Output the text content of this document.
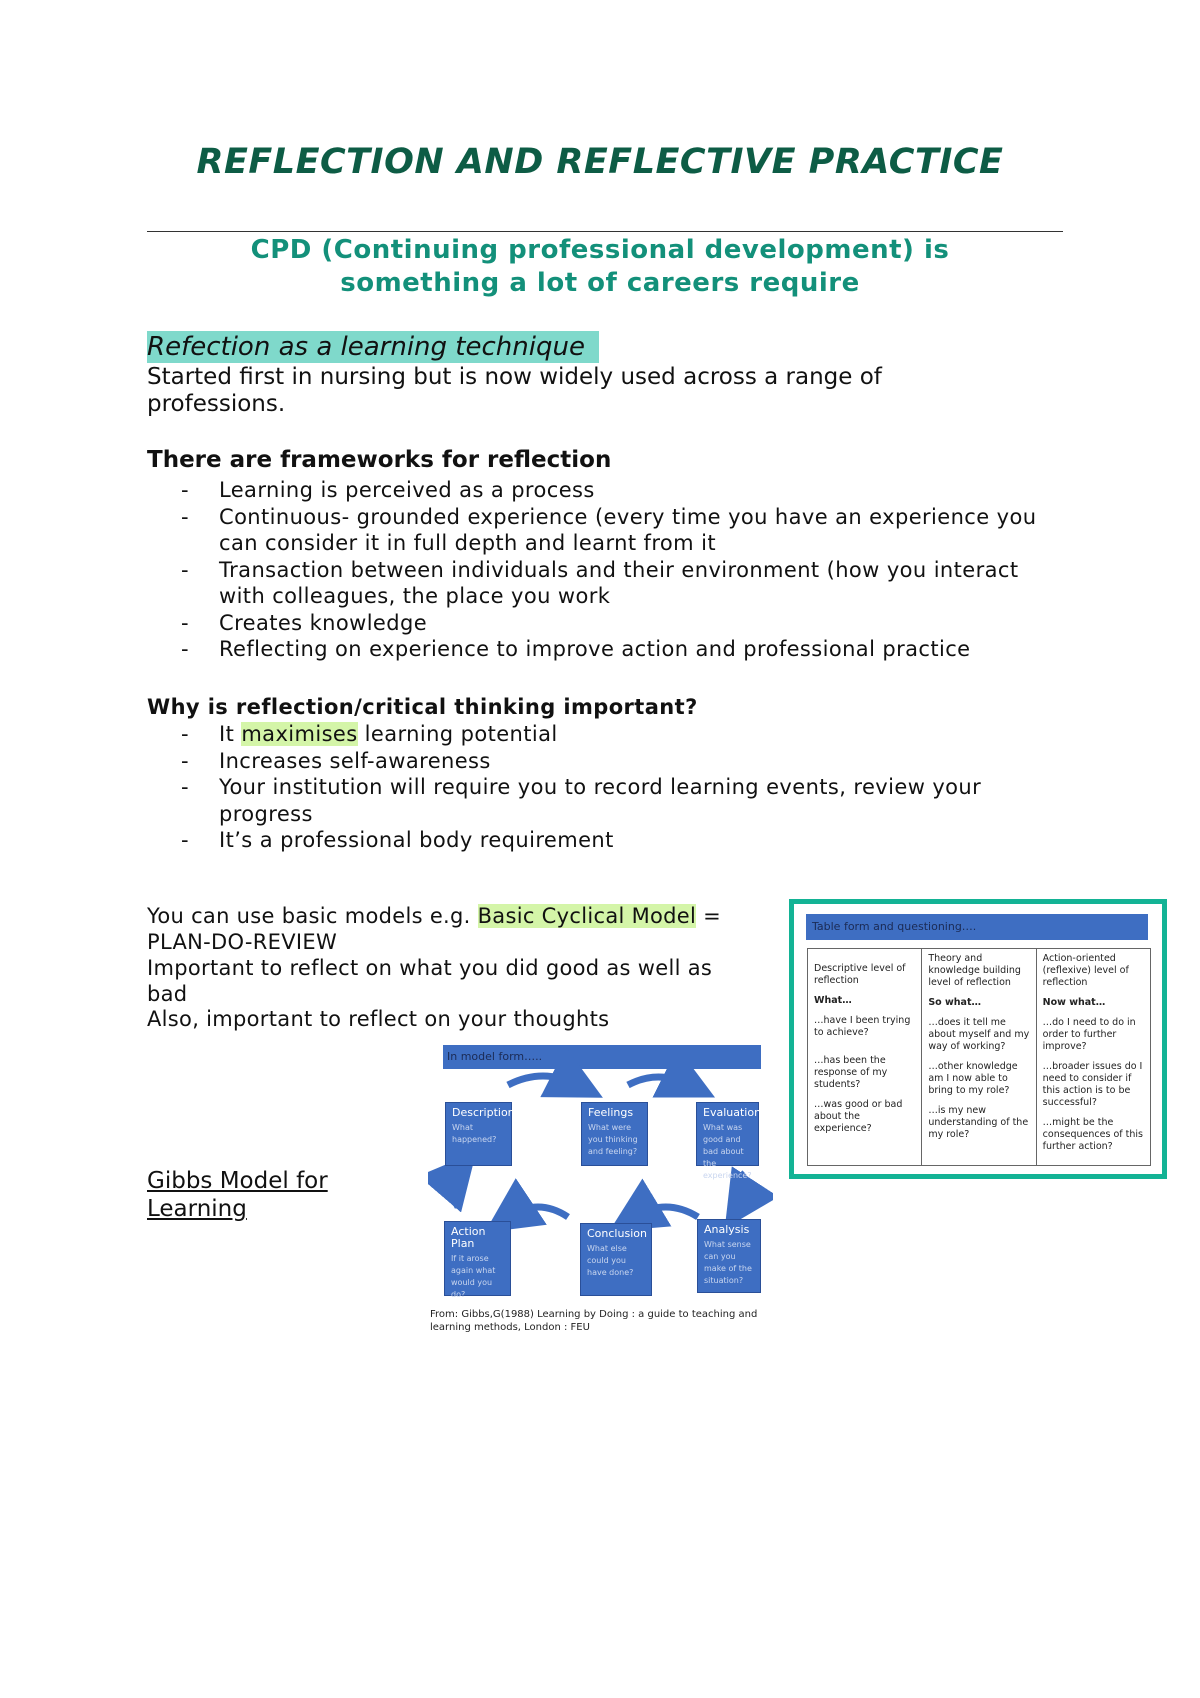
REFLECTION AND REFLECTIVE PRACTICE
CPD (Continuing professional development) is
something a lot of careers require
Refection as a learning technique
Started first in nursing but is now widely used across a range of
professions.
There are frameworks for reflection
- Learning is perceived as a process
- Continuous- grounded experience (every time you have an experience you
can consider it in full depth and learnt from it
- Transaction between individuals and their environment (how you interact
with colleagues, the place you work
- Creates knowledge
- Reflecting on experience to improve action and professional practice
Why is reflection/critical thinking important?
- It maximises learning potential
- Increases self-awareness
- Your institution will require you to record learning events, review your
progress
- It’s a professional body requirement
You can use basic models e.g. Basic Cyclical Model =
PLAN-DO-REVIEW
Important to reflect on what you did good as well as
bad
Also, important to reflect on your thoughts
Gibbs Model for
Learning
Table form and questioning….

Descriptive level of reflection

What…

…have I been trying to achieve?

…has been the response of my students?

…was good or bad about the experience?

Theory and knowledge building level of reflection

So what…

…does it tell me about myself and my way of working?

…other knowledge am I now able to bring to my role?

…is my new understanding of the my role?

Action-oriented (reflexive) level of reflection

Now what…

…do I need to do in order to further improve?

…broader issues do I need to consider if this action is to be successful?

…might be the consequences of this further action?

In model form…..
Description
What happened?
Feelings
What were you thinking and feeling?
Evaluation
What was good and bad about the experience?
Action Plan
If it arose again what would you do?
Conclusion
What else could you have done?
Analysis
What sense can you make of the situation?
From: Gibbs,G(1988) Learning by Doing : a guide to teaching and learning methods, London : FEU
